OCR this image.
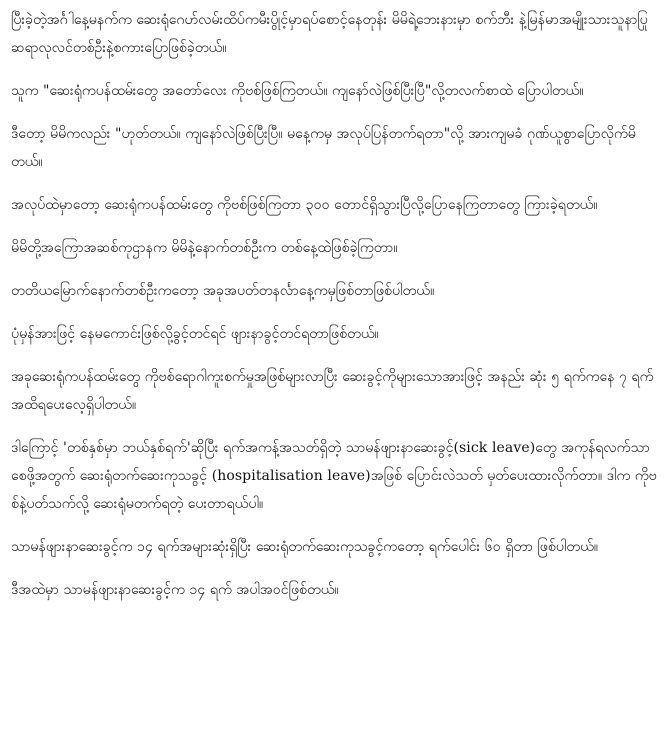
ပြီးခဲ့တဲ့အင်္ဂါနေ့မနက်က ဆေးရုံဂေဟ်လမ်းထိပ်ကမီးပွိုင့်မှာရပ်စောင့်နေတုန်း မိမိရဲ့ဘေးနားမှာ စက်ဘီး နဲ့မြန်မာအမျိုးသားသူနာပြုဆရာလုလင်တစ်ဦးနဲ့စကားပြောဖြစ်ခဲ့တယ်။

သူက "ဆေးရုံကပန်ထမ်းတွေ အတော်လေး ကိုဗစ်ဖြစ်ကြတယ်။ ကျနော်လဲဖြစ်ပြီးပြီ"လို့တလက်စာထဲ ပြောပါတယ်။

ဒီတော့ မိမိကလည်း "ဟုတ်တယ်။ ကျနော်လဲဖြစ်ပြီးပြီ။ မနေ့ကမှ အလုပ်ပြန်တက်ရတာ"လို့ အားကျမခံ ဂုဏ်ယူစွာပြောလိုက်မိတယ်။

အလုပ်ထဲမှာတော့ ဆေးရုံကပန်ထမ်းတွေ ကိုဗစ်ဖြစ်ကြတာ ၃၀၀ တောင်ရှိသွားပြီလို့ပြောနေကြတာတွေ ကြားခဲ့ရတယ်။

မိမိတို့အကြောအဆစ်ကုဌာနက မိမိနဲ့နောက်တစ်ဦးက တစ်နေ့ထဲဖြစ်ခဲ့ကြတာ။

တတိယမြောက်နောက်တစ်ဦးကတော့ အခုအပတ်တနင်္လာနေ့ကမှဖြစ်တာဖြစ်ပါတယ်။

ပုံမှန်အားဖြင့် နေမကောင်းဖြစ်လို့ခွင့်တင်ရင် ဖျားနာခွင့်တင်ရတာဖြစ်တယ်။

အခုဆေးရုံကပန်ထမ်းတွေ ကိုဗစ်ရောဂါကူးစက်မှုအဖြစ်များလာပြီး ဆေးခွင့်ကိုများသောအားဖြင့် အနည်း ဆုံး ၅ ရက်ကနေ ၇ ရက်အထိရပေးလေ့ရှိပါတယ်။

ဒါကြောင့် 'တစ်နှစ်မှာ ဘယ်နှစ်ရက်'ဆိုပြီး ရက်အကန့်အသတ်ရှိတဲ့ သာမန်ဖျားနာဆေးခွင့်(sick leave)တွေ အကုန်ရလက်သာစေဖို့အတွက် ဆေးရုံတက်ဆေးကုသခွင့် (hospitalisation leave)အဖြစ် ပြောင်းလဲသတ် မှတ်ပေးထားလိုက်တာ။ ဒါက ကိုဗစ်နဲ့ပတ်သက်လို့ ဆေးရုံမတက်ရတဲ့ ပေးတာရယ်ပါ။

သာမန်ဖျားနာဆေးခွင့်က ၁၄ ရက်အများဆုံးရှိပြီး ဆေးရုံတက်ဆေးကုသခွင့်ကတော့ ရက်ပေါင်း ၆၀ ရှိတာ ဖြစ်ပါတယ်။

ဒီအထဲမှာ သာမန်ဖျားနာဆေးခွင့်က ၁၄ ရက် အပါအဝင်ဖြစ်တယ်။
